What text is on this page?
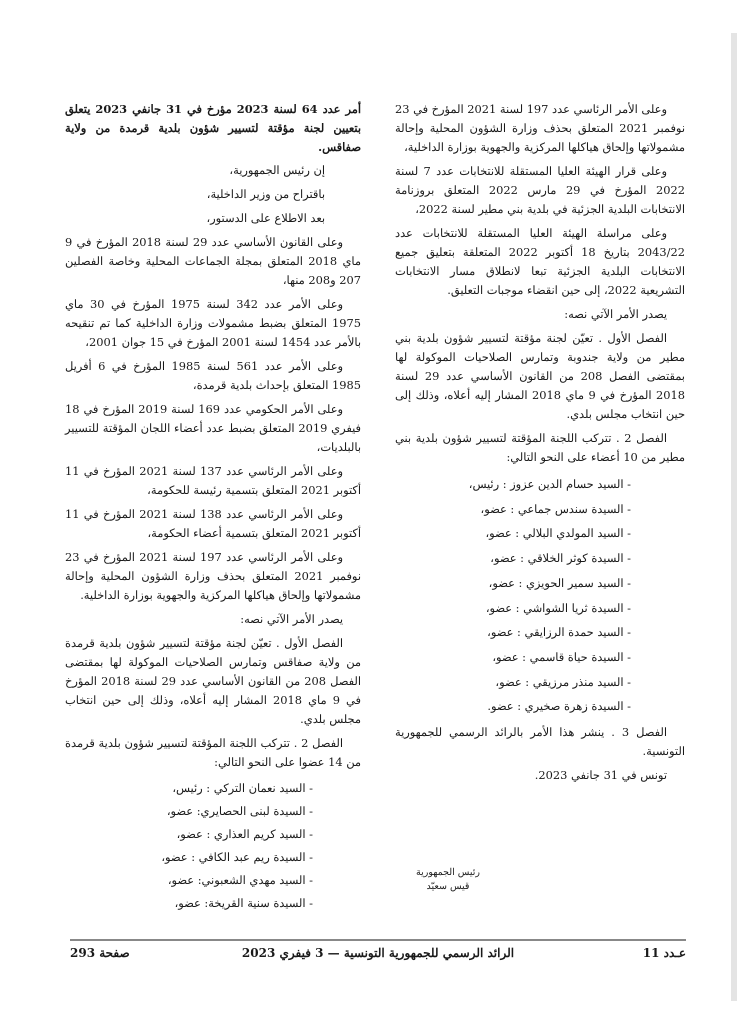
أمر عدد 64 لسنة 2023 مؤرخ في 31 جانفي 2023 يتعلق بتعيين لجنة مؤقتة لتسيير شؤون بلدية قرمدة من ولاية صفاقس.

إن رئيس الجمهورية،

باقتراح من وزير الداخلية،

بعد الاطلاع على الدستور،

وعلى القانون الأساسي عدد 29 لسنة 2018 المؤرخ في 9 ماي 2018 المتعلق بمجلة الجماعات المحلية وخاصة الفصلين 207 و208 منها،

وعلى الأمر عدد 342 لسنة 1975 المؤرخ في 30 ماي 1975 المتعلق بضبط مشمولات وزارة الداخلية كما تم تنقيحه بالأمر عدد 1454 لسنة 2001 المؤرخ في 15 جوان 2001،

وعلى الأمر عدد 561 لسنة 1985 المؤرخ في 6 أفريل 1985 المتعلق بإحداث بلدية قرمدة،

وعلى الأمر الحكومي عدد 169 لسنة 2019 المؤرخ في 18 فيفري 2019 المتعلق بضبط عدد أعضاء اللجان المؤقتة للتسيير بالبلديات،

وعلى الأمر الرئاسي عدد 137 لسنة 2021 المؤرخ في 11 أكتوبر 2021 المتعلق بتسمية رئيسة للحكومة،

وعلى الأمر الرئاسي عدد 138 لسنة 2021 المؤرخ في 11 أكتوبر 2021 المتعلق بتسمية أعضاء الحكومة،

وعلى الأمر الرئاسي عدد 197 لسنة 2021 المؤرخ في 23 نوفمبر 2021 المتعلق بحذف وزارة الشؤون المحلية وإحالة مشمولاتها وإلحاق هياكلها المركزية والجهوية بوزارة الداخلية.

يصدر الأمر الآتي نصه:

الفصل الأول . تعيّن لجنة مؤقتة لتسيير شؤون بلدية قرمدة من ولاية صفاقس وتمارس الصلاحيات الموكولة لها بمقتضى الفصل 208 من القانون الأساسي عدد 29 لسنة 2018 المؤرخ في 9 ماي 2018 المشار إليه أعلاه، وذلك إلى حين انتخاب مجلس بلدي.

الفصل 2 . تتركب اللجنة المؤقتة لتسيير شؤون بلدية قرمدة من 14 عضوا على النحو التالي:

- السيد نعمان التركي : رئيس،
- السيدة لبنى الحصايري: عضو،
- السيد كريم العذاري : عضو،
- السيدة ريم عبد الكافي : عضو،
- السيد مهدي الشعبوني: عضو،
- السيدة سنية القريخة: عضو،

وعلى الأمر الرئاسي عدد 197 لسنة 2021 المؤرخ في 23 نوفمبر 2021 المتعلق بحذف وزارة الشؤون المحلية وإحالة مشمولاتها وإلحاق هياكلها المركزية والجهوية بوزارة الداخلية،

وعلى قرار الهيئة العليا المستقلة للانتخابات عدد 7 لسنة 2022 المؤرخ في 29 مارس 2022 المتعلق بروزنامة الانتخابات البلدية الجزئية في بلدية بني مطير لسنة 2022،

وعلى مراسلة الهيئة العليا المستقلة للانتخابات عدد 2043/22 بتاريخ 18 أكتوبر 2022 المتعلقة بتعليق جميع الانتخابات البلدية الجزئية تبعا لانطلاق مسار الانتخابات التشريعية 2022، إلى حين انقضاء موجبات التعليق.

يصدر الأمر الآتي نصه:

الفصل الأول . تعيّن لجنة مؤقتة لتسيير شؤون بلدية بني مطير من ولاية جندوبة وتمارس الصلاحيات الموكولة لها بمقتضى الفصل 208 من القانون الأساسي عدد 29 لسنة 2018 المؤرخ في 9 ماي 2018 المشار إليه أعلاه، وذلك إلى حين انتخاب مجلس بلدي.

الفصل 2 . تتركب اللجنة المؤقتة لتسيير شؤون بلدية بني مطير من 10 أعضاء على النحو التالي:

- السيد حسام الدين عزوز : رئيس،
- السيدة سندس جماعي : عضو،
- السيد المولدي البلالي : عضو،
- السيدة كوثر الخلاقي : عضو،
- السيد سمير الحويزي : عضو،
- السيدة ثريا الشواشي : عضو،
- السيد حمدة الرزايقي : عضو،
- السيدة حياة قاسمي : عضو،
- السيد منذر مرزيقي : عضو،
- السيدة زهرة صخيري : عضو.

الفصل 3 . ينشر هذا الأمر بالرائد الرسمي للجمهورية التونسية.

تونس في 31 جانفي 2023.

رئيس الجمهورية
قيس سعيّد
صفحة 293	الرائد الرسمي للجمهورية التونسية — 3 فيفري 2023	عـدد 11
